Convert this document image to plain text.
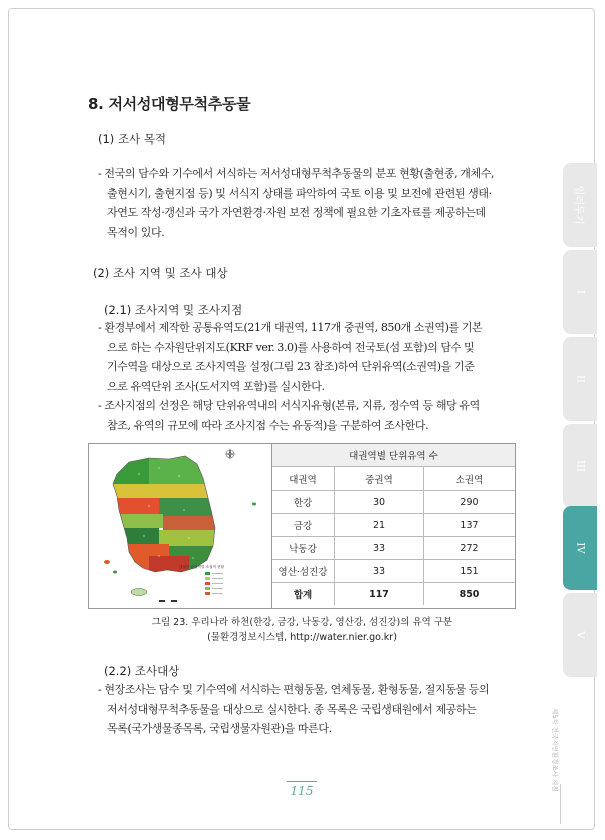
8. 저서성대형무척추동물
(1) 조사 목적
- 전국의 담수와 기수에서 서식하는 저서성대형무척추동물의 분포 현황(출현종, 개체수,
출현시기, 출현지점 등) 및 서식지 상태를 파악하여 국토 이용 및 보전에 관련된 생태·
자연도 작성·갱신과 국가 자연환경·자원 보전 정책에 필요한 기초자료를 제공하는데
목적이 있다.
(2) 조사 지역 및 조사 대상
(2.1) 조사지역 및 조사지점
- 환경부에서 제작한 공통유역도(21개 대권역, 117개 중권역, 850개 소권역)를 기본
으로 하는 수자원단위지도(KRF ver. 3.0)를 사용하여 전국토(섬 포함)의 담수 및
기수역을 대상으로 조사지역을 설정(그림 23 참조)하여 단위유역(소권역)을 기준
으로 유역단위 조사(도서지역 포함)를 실시한다.
- 조사지점의 선정은 해당 단위유역내의 서식지유형(본류, 지류, 정수역 등 해당 유역
참조, 유역의 규모에 따라 조사지점 수는 유동적)을 구분하여 조사한다.
대권역 중권역별 소권역 현황
대권역별 단위유역 수		
대권역	중권역	소권역
한강	30	290
금강	21	137
낙동강	33	272
영산·섬진강	33	151
합계	117	850
그림 23. 우리나라 하천(한강, 금강, 낙동강, 영산강, 섬진강)의 유역 구분
(물환경정보시스템, http://water.nier.go.kr)
(2.2) 조사대상
- 현장조사는 담수 및 기수역에 서식하는 편형동물, 연체동물, 환형동물, 절지동물 등의
저서성대형무척추동물을 대상으로 실시한다. 종 목록은 국립생태원에서 제공하는
목록(국가생물종목록, 국립생물자원관)을 따른다.
일러두기
I
II
III
IV
V
제5차 전국자연환경조사 지침
115
